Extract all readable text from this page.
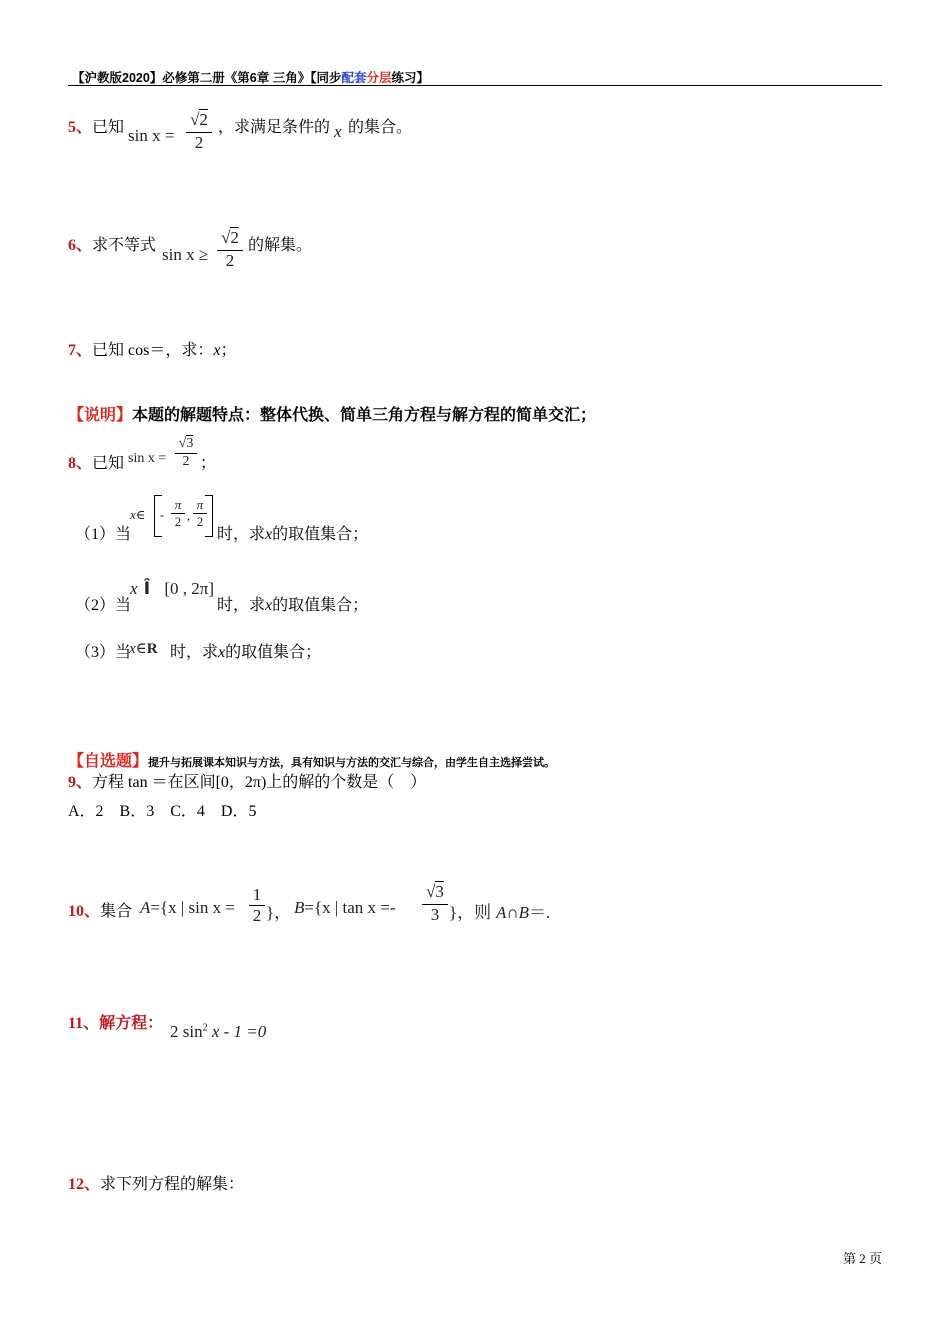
【沪教版2020】必修第二册《第6章 三角》【同步配套分层练习】
5、已知 $\sin x = \frac{√2}{2}$ ，求满足条件的 x 的集合。
6、求不等式 $\sin x \ge \frac{√2}{2}$ 的解集。
7、已知 cos＝，求：x；
【说明】本题的解题特点：整体代换、简单三角方程与解方程的简单交汇；
8、已知 $\sin x = \frac{√3}{2}$ ；
（1）当
x∈ -
π
2 ,
π
2
时，求x的取值集合；
（2）当
x Î [0 , 2π]
时，求x的取值集合；
（3）当
x∈R 时，求x的取值集合；
【自选题】提升与拓展课本知识与方法，具有知识与方法的交汇与综合，由学生自主选择尝试。
9、方程 tan ＝在区间[0，2π)上的解的个数是（　）
A．2　B．3　C．4　D．5
10、集合 A={x | sin x =
1
2 }， B={x | tan x =-
√3
3 }，则 A∩B＝.
11、解方程： 2 $\sin^2 x - 1 =0$
12、求下列方程的解集：
第 2 页
